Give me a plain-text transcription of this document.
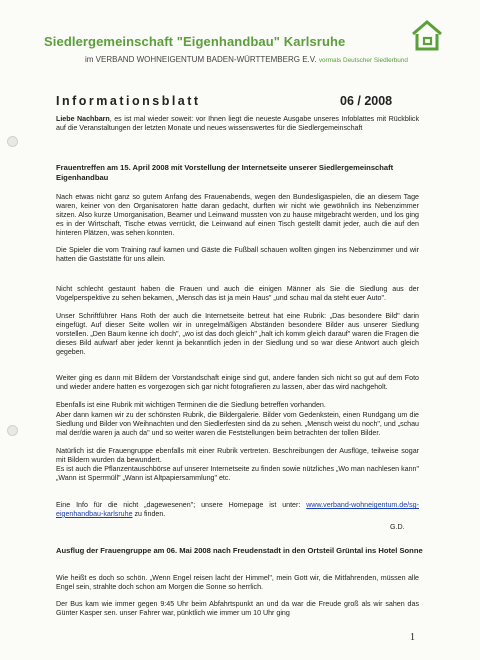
Siedlergemeinschaft "Eigenhandbau" Karlsruhe
im VERBAND WOHNEIGENTUM BADEN-WÜRTTEMBERG E.V. vormals Deutscher Siedlerbund
Informationsblatt	06 / 2008

Liebe Nachbarn, es ist mal wieder soweit: vor Ihnen liegt die neueste Ausgabe unseres Infoblattes mit Rückblick auf die Veranstaltungen der letzten Monate und neues wissenswertes für die Siedlergemeinschaft

Frauentreffen am 15. April 2008 mit Vorstellung der Internetseite unserer Siedlergemeinschaft Eigenhandbau

Nach etwas nicht ganz so gutem Anfang des Frauenabends, wegen den Bundesligaspielen, die an diesem Tage waren, keiner von den Organisatoren hatte daran gedacht, durften wir nicht wie gewöhnlich ins Nebenzimmer sitzen. Also kurze Umorganisation, Beamer und Leinwand mussten von zu hause mitgebracht werden, und los ging es in der Wirtschaft, Tische etwas verrückt, die Leinwand auf einen Tisch gestellt damit jeder, auch die auf den hinteren Plätzen, was sehen konnten.

Die Spieler die vom Training rauf kamen und Gäste die Fußball schauen wollten gingen ins Nebenzimmer und wir hatten die Gaststätte für uns allein.

Nicht schlecht gestaunt haben die Frauen und auch die einigen Männer als Sie die Siedlung aus der Vogelperspektive zu sehen bekamen, „Mensch das ist ja mein Haus" „und schau mal da steht euer Auto".

Unser Schriftführer Hans Roth der auch die Internetseite betreut hat eine Rubrik: „Das besondere Bild" darin eingefügt. Auf dieser Seite wollen wir in unregelmäßigen Abständen besondere Bilder aus unserer Siedlung vorstellen. „Den Baum kenne ich doch", „wo ist das doch gleich" „halt ich komm gleich darauf" waren die Fragen die dieses Bild aufwarf aber jeder kennt ja bekanntlich jeden in der Siedlung und so war diese Antwort auch gleich gegeben.

Weiter ging es dann mit Bildern der Vorstandschaft einige sind gut, andere fanden sich nicht so gut auf dem Foto und wieder andere hatten es vorgezogen sich gar nicht fotografieren zu lassen, aber das wird nachgeholt.

Ebenfalls ist eine Rubrik mit wichtigen Terminen die die Siedlung betreffen vorhanden.

Aber dann kamen wir zu der schönsten Rubrik, die Bildergalerie. Bilder vom Gedenkstein, einen Rundgang um die Siedlung und Bilder von Weihnachten und den Siedlerfesten sind da zu sehen. „Mensch weist du noch", und „schau mal der/die waren ja auch da" und so weiter waren die Feststellungen beim betrachten der tollen Bilder.

Natürlich ist die Frauengruppe ebenfalls mit einer Rubrik vertreten. Beschreibungen der Ausflüge, teilweise sogar mit Bildern wurden da bewundert.

Es ist auch die Pflanzentauschbörse auf unserer Internetseite zu finden sowie nützliches „Wo man nachlesen kann" „Wann ist Sperrmüll" „Wann ist Altpapiersammlung" etc.

Eine Info für die nicht „dagewesenen"; unsere Homepage ist unter: www.verband-wohneigentum.de/sg-eigenhandbau-karlsruhe zu finden.

G.D.

Ausflug der Frauengruppe am 06. Mai 2008 nach Freudenstadt in den Ortsteil Grüntal ins Hotel Sonne

Wie heißt es doch so schön. „Wenn Engel reisen lacht der Himmel", mein Gott wir, die Mitfahrenden, müssen alle Engel sein, strahlte doch schon am Morgen die Sonne so herrlich.

Der Bus kam wie immer gegen 9:45 Uhr beim Abfahrtspunkt an und da war die Freude groß als wir sahen das Günter Kasper sen. unser Fahrer war, pünktlich wie immer um 10 Uhr ging

1
